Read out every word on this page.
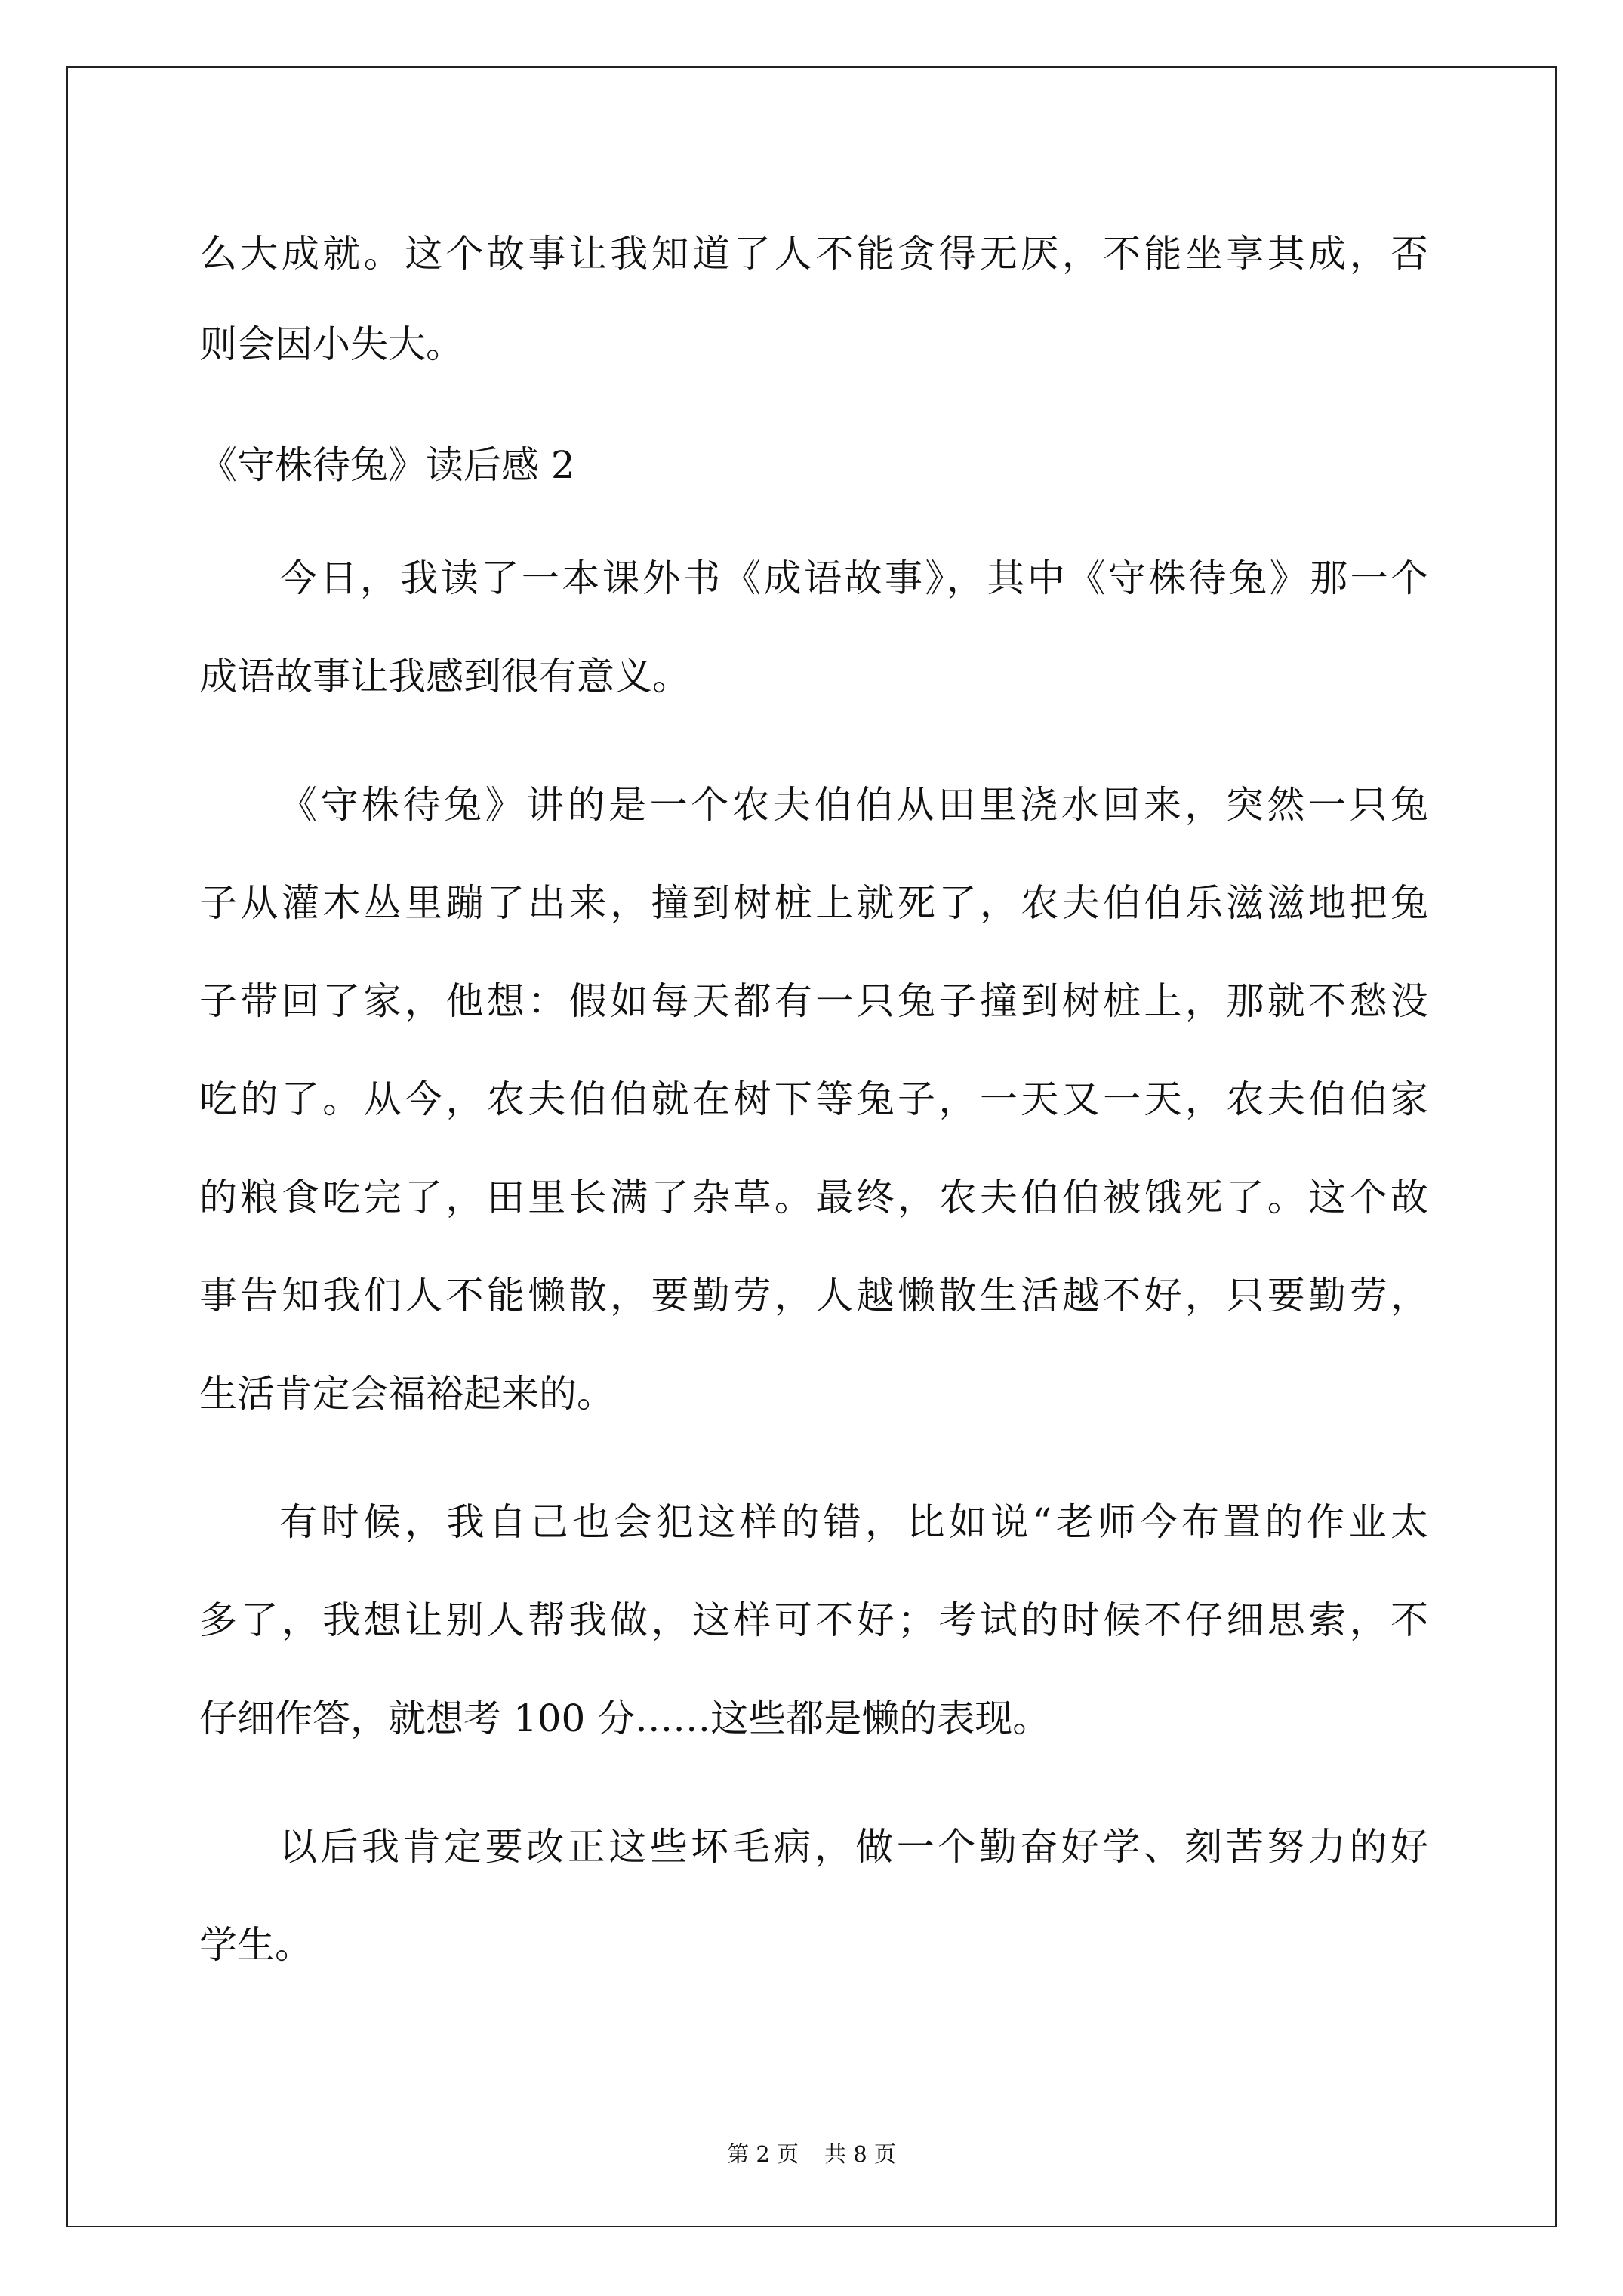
么大成就。这个故事让我知道了人不能贪得无厌，不能坐享其成，否
则会因小失大。
《守株待兔》读后感 2
今日，我读了一本课外书《成语故事》，其中《守株待兔》那一个
成语故事让我感到很有意义。
《守株待兔》讲的是一个农夫伯伯从田里浇水回来，突然一只兔
子从灌木丛里蹦了出来，撞到树桩上就死了，农夫伯伯乐滋滋地把兔
子带回了家，他想：假如每天都有一只兔子撞到树桩上，那就不愁没
吃的了。从今，农夫伯伯就在树下等兔子，一天又一天，农夫伯伯家
的粮食吃完了，田里长满了杂草。最终，农夫伯伯被饿死了。这个故
事告知我们人不能懒散，要勤劳，人越懒散生活越不好，只要勤劳，
生活肯定会福裕起来的。
有时候，我自己也会犯这样的错，比如说“老师今布置的作业太
多了，我想让别人帮我做，这样可不好；考试的时候不仔细思索，不
仔细作答，就想考 100 分……这些都是懒的表现。
以后我肯定要改正这些坏毛病，做一个勤奋好学、刻苦努力的好
学生。
第 2 页 共 8 页
